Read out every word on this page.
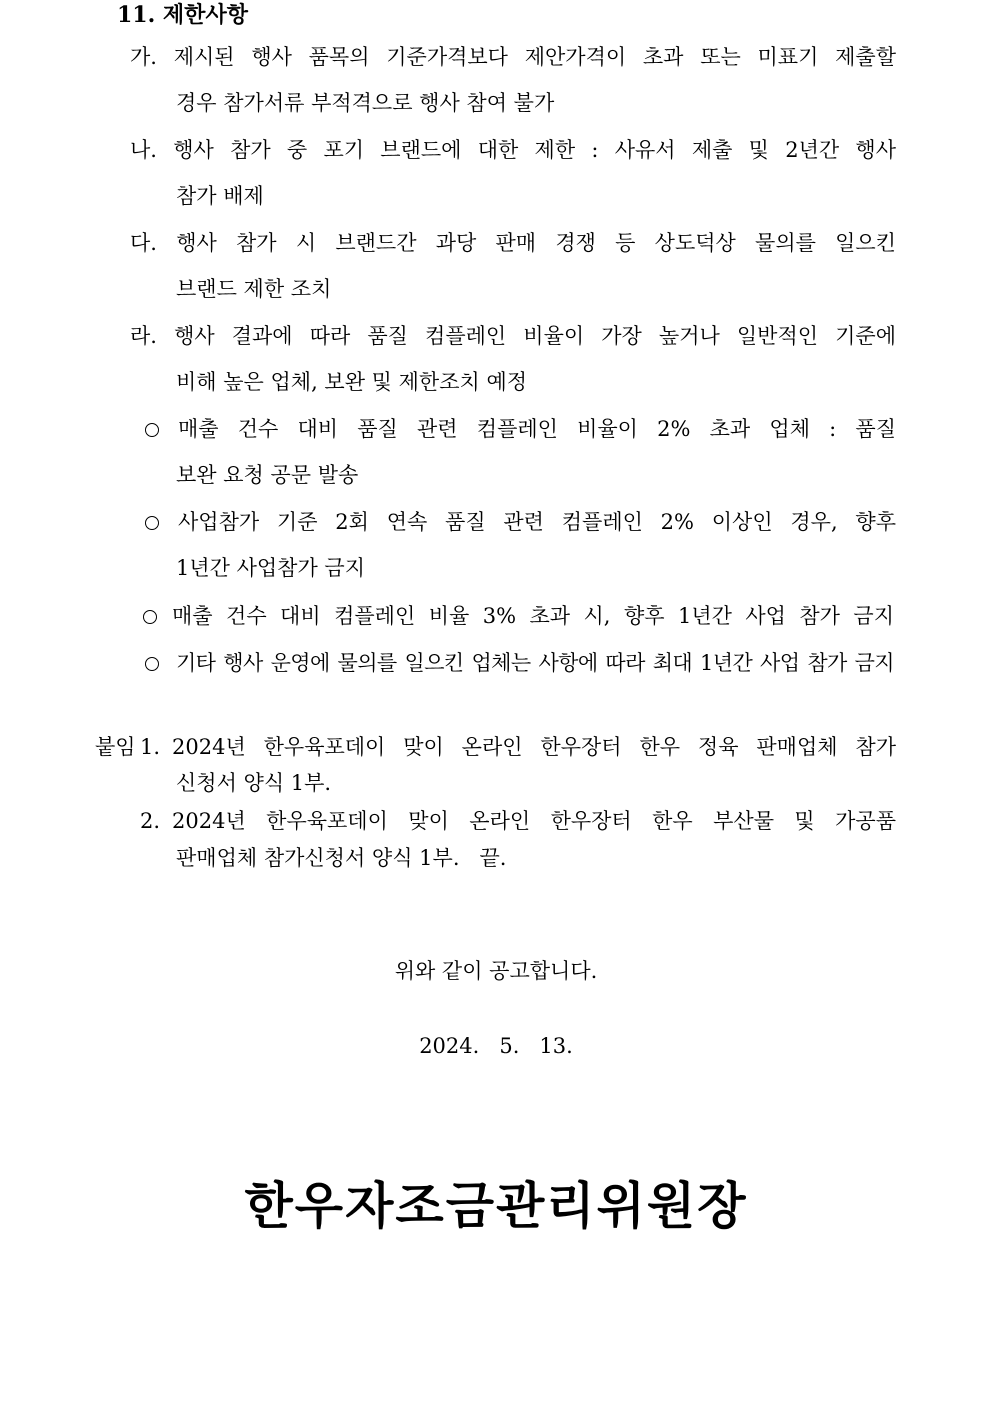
11. 제한사항
가. 제시된 행사 품목의 기준가격보다 제안가격이 초과 또는 미표기 제출할
경우 참가서류 부적격으로 행사 참여 불가
나. 행사 참가 중 포기 브랜드에 대한 제한 : 사유서 제출 및 2년간 행사
참가 배제
다. 행사 참가 시 브랜드간 과당 판매 경쟁 등 상도덕상 물의를 일으킨
브랜드 제한 조치
라. 행사 결과에 따라 품질 컴플레인 비율이 가장 높거나 일반적인 기준에
비해 높은 업체, 보완 및 제한조치 예정
매출 건수 대비 품질 관련 컴플레인 비율이 2% 초과 업체 : 품질
보완 요청 공문 발송
사업참가 기준 2회 연속 품질 관련 컴플레인 2% 이상인 경우, 향후
1년간 사업참가 금지
매출 건수 대비 컴플레인 비율 3% 초과 시, 향후 1년간 사업 참가 금지
기타 행사 운영에 물의를 일으킨 업체는 사항에 따라 최대 1년간 사업 참가 금지
붙임 1. 2024년 한우육포데이 맞이 온라인 한우장터 한우 정육 판매업체 참가
신청서 양식 1부.
2. 2024년 한우육포데이 맞이 온라인 한우장터 한우 부산물 및 가공품
판매업체 참가신청서 양식 1부.   끝.
위와 같이 공고합니다.
2024.   5.   13.
한우자조금관리위원장
